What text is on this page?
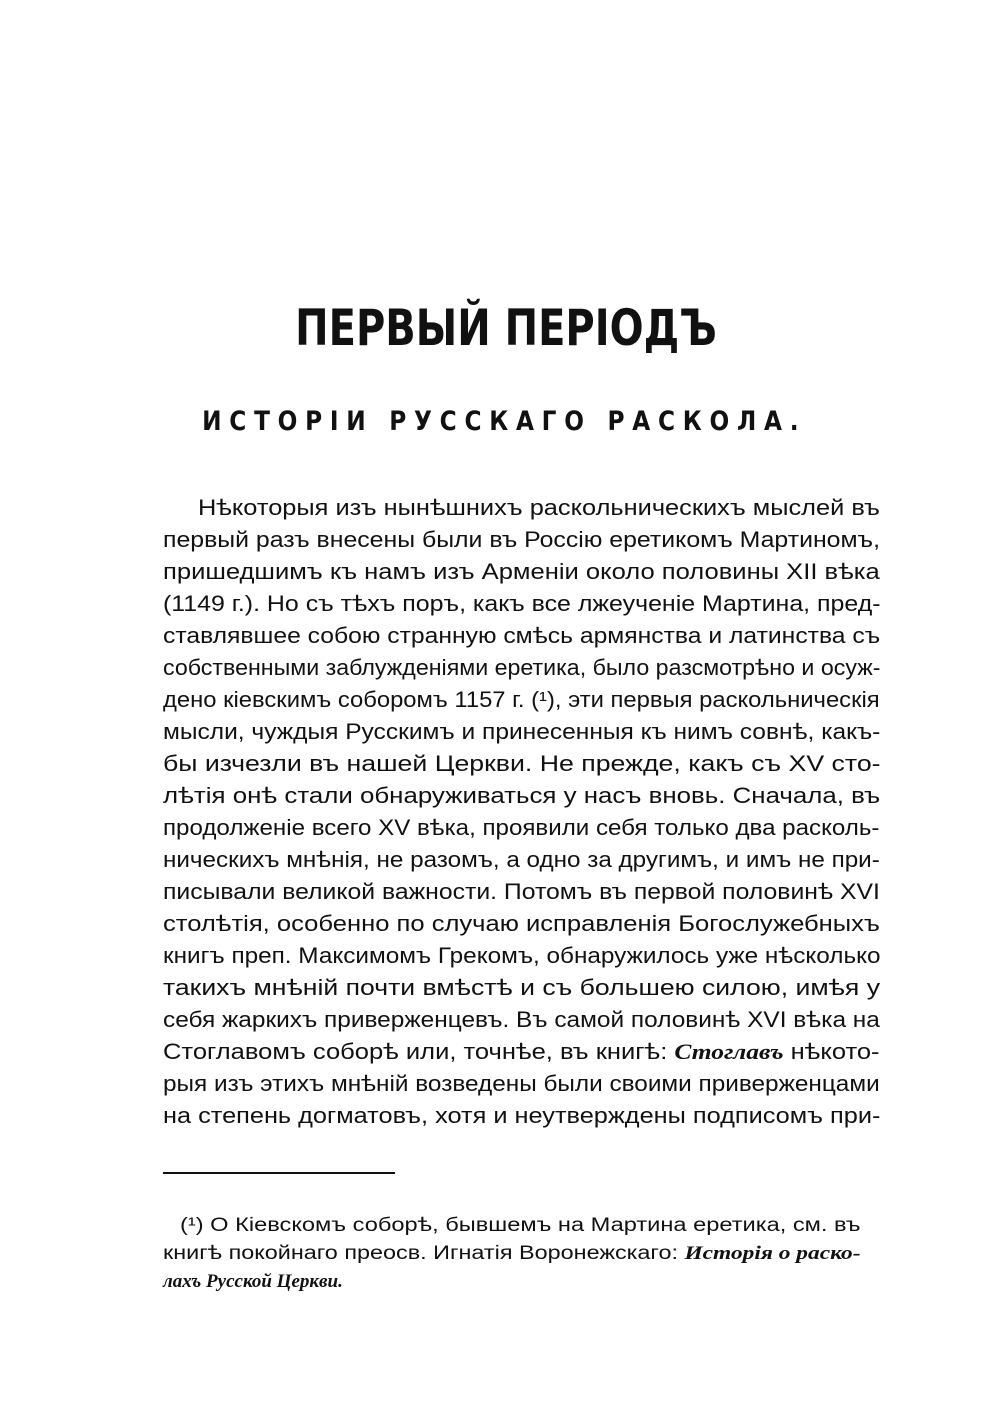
ПЕРВЫЙ ПЕРІОДЪ
ИСТОРІИ РУССКАГО РАСКОЛА.
Нѣкоторыя изъ нынѣшнихъ раскольническихъ мыслей въ
первый разъ внесены были въ Россію еретикомъ Мартиномъ,
пришедшимъ къ намъ изъ Арменіи около половины XII вѣка
(1149 г.). Но съ тѣхъ поръ, какъ все лжеученіе Мартина, пред-
ставлявшее собою странную смѣсь армянства и латинства съ
собственными заблужденіями еретика, было разсмотрѣно и осуж-
дено кіевскимъ соборомъ 1157 г. (¹), эти первыя раскольническія
мысли, чуждыя Русскимъ и принесенныя къ нимъ совнѣ, какъ-
бы изчезли въ нашей Церкви. Не прежде, какъ съ XV сто-
лѣтія онѣ стали обнаруживаться у насъ вновь. Сначала, въ
продолженіе всего XV вѣка, проявили себя только два расколь-
ническихъ мнѣнія, не разомъ, а одно за другимъ, и имъ не при-
писывали великой важности. Потомъ въ первой половинѣ XVI
столѣтія, особенно по случаю исправленія Богослужебныхъ
книгъ преп. Максимомъ Грекомъ, обнаружилось уже нѣсколько
такихъ мнѣній почти вмѣстѣ и съ большею силою, имѣя у
себя жаркихъ приверженцевъ. Въ самой половинѣ XVI вѣка на
Стоглавомъ соборѣ или, точнѣе, въ книгѣ: Стоглавъ нѣкото-
рыя изъ этихъ мнѣній возведены были своими приверженцами
на степень догматовъ, хотя и неутверждены подписомъ при-
(¹) О Кіевскомъ соборѣ, бывшемъ на Мартина еретика, см. въ
книгѣ покойнаго преосв. Игнатія Воронежскаго: Исторія о раско-
лахъ Русской Церкви.
